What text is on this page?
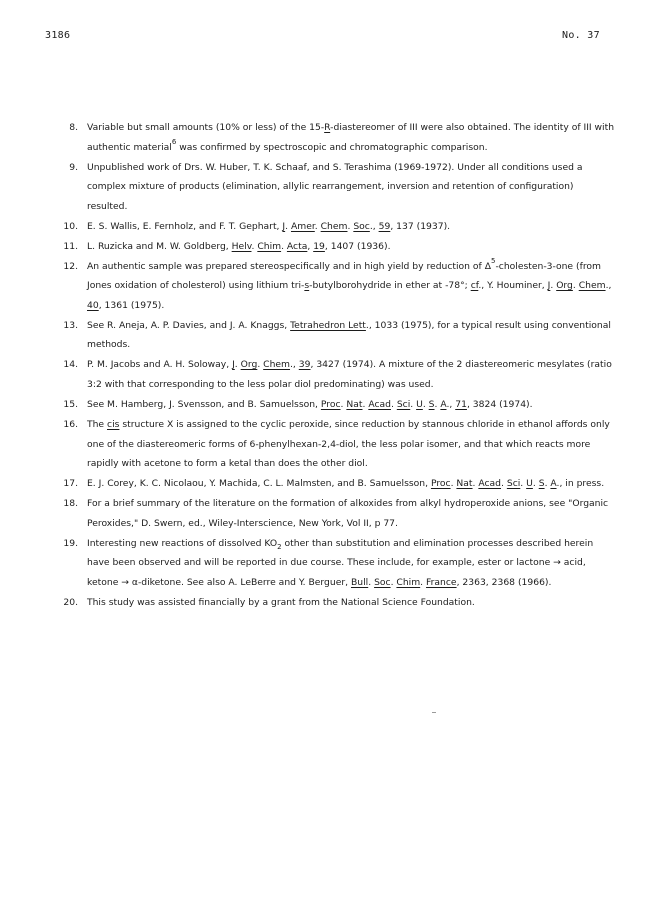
3186	No. 37
8. Variable but small amounts (10% or less) of the 15-R-diastereomer of III were also obtained. The identity of III with authentic material$^6$ was confirmed by spectroscopic and chromatographic comparison.
9. Unpublished work of Drs. W. Huber, T. K. Schaaf, and S. Terashima (1969-1972). Under all conditions used a complex mixture of products (elimination, allylic rearrangement, inversion and retention of configuration) resulted.
10. E. S. Wallis, E. Fernholz, and F. T. Gephart, J. Amer. Chem. Soc., 59, 137 (1937).
11. L. Ruzicka and M. W. Goldberg, Helv. Chim. Acta, 19, 1407 (1936).
12. An authentic sample was prepared stereospecifically and in high yield by reduction of $\Delta^5-cholesten-3$-one (from Jones oxidation of cholesterol) using lithium tri-s-butylborohydride in ether at -78°; cf., Y. Houminer, J. Org. Chem., 40, 1361 (1975).
13. See R. Aneja, A. P. Davies, and J. A. Knaggs, Tetrahedron Lett., 1033 (1975), for a typical result using conventional methods.
14. P. M. Jacobs and A. H. Soloway, J. Org. Chem., 39, 3427 (1974). A mixture of the 2 diastereomeric mesylates (ratio 3:2 with that corresponding to the less polar diol predominating) was used.
15. See M. Hamberg, J. Svensson, and B. Samuelsson, Proc. Nat. Acad. Sci. U. S. A., 71, 3824 (1974).
16. The cis structure X is assigned to the cyclic peroxide, since reduction by stannous chloride in ethanol affords only one of the diastereomeric forms of 6-phenylhexan-2,4-diol, the less polar isomer, and that which reacts more rapidly with acetone to form a ketal than does the other diol.
17. E. J. Corey, K. C. Nicolaou, Y. Machida, C. L. Malmsten, and B. Samuelsson, Proc. Nat. Acad. Sci. U. S. A., in press.
18. For a brief summary of the literature on the formation of alkoxides from alkyl hydroperoxide anions, see "Organic Peroxides," D. Swern, ed., Wiley-Interscience, New York, Vol II, p 77.
19. Interesting new reactions of dissolved $KO_2$ other than substitution and elimination processes described herein have been observed and will be reported in due course. These include, for example, ester or lactone → acid, ketone → α-diketone. See also A. LeBerre and Y. Berguer, Bull. Soc. Chim. France, 2363, 2368 (1966).
20. This study was assisted financially by a grant from the National Science Foundation.
